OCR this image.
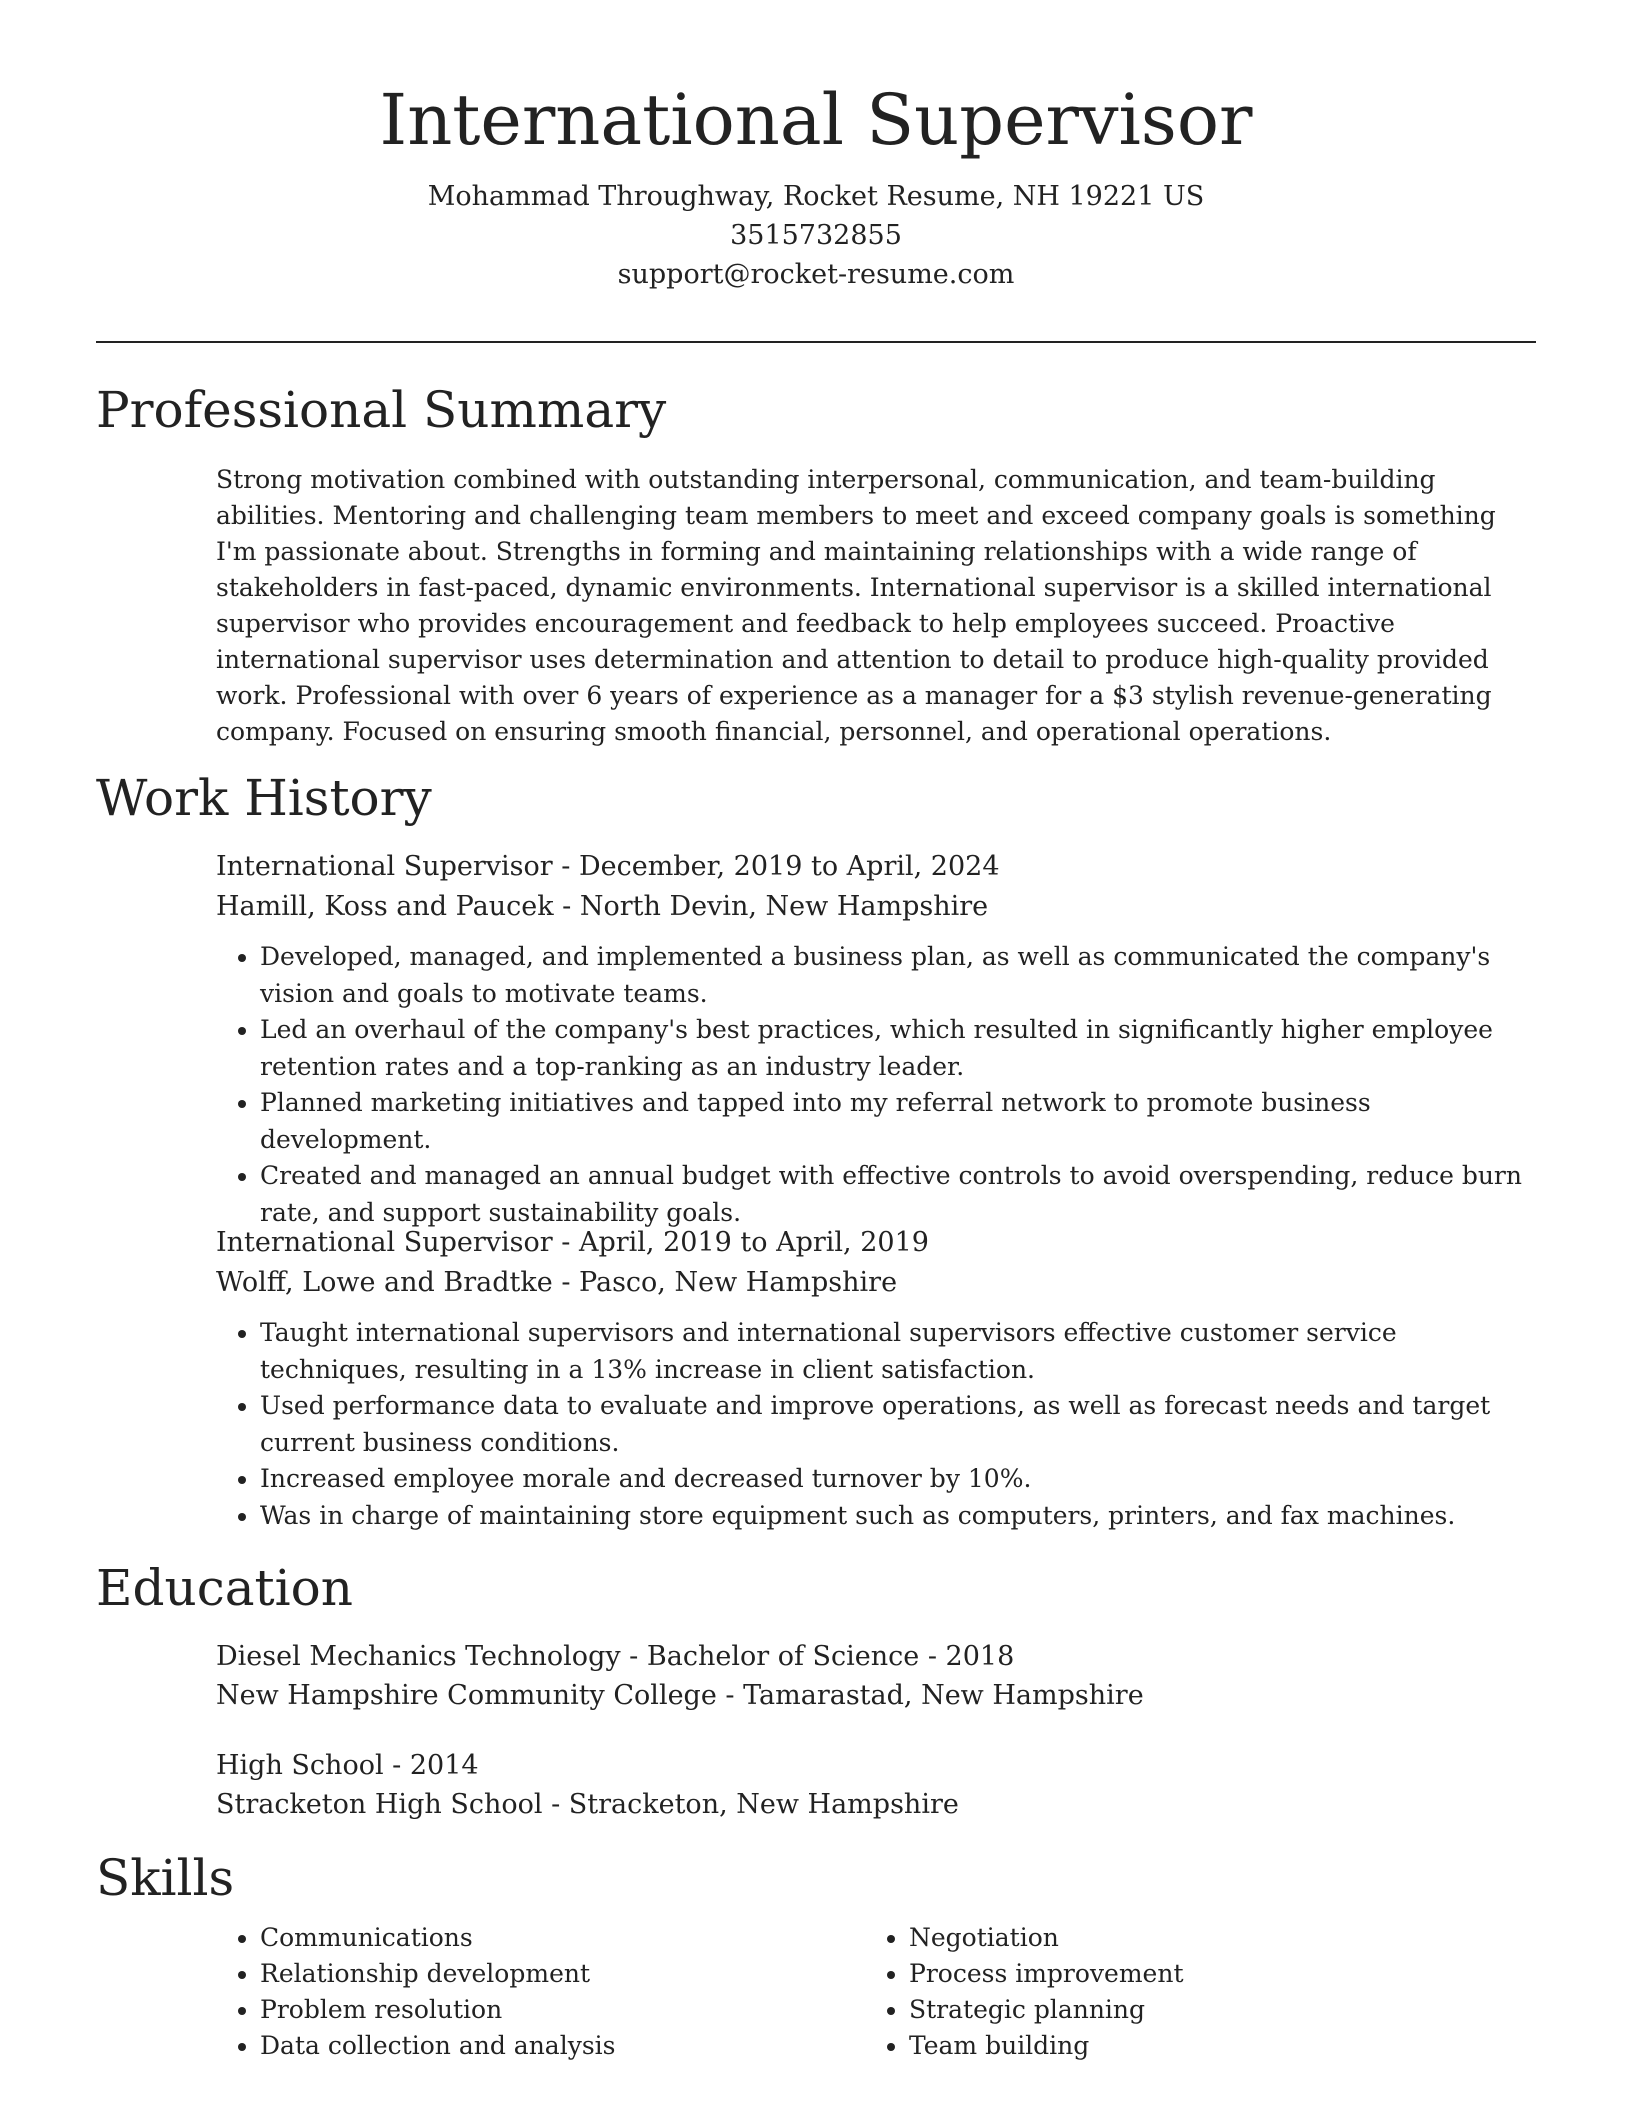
International Supervisor
Mohammad Throughway, Rocket Resume, NH 19221 US
3515732855
support@rocket-resume.com
Professional Summary
Strong motivation combined with outstanding interpersonal, communication, and team-building abilities. Mentoring and challenging team members to meet and exceed company goals is something I'm passionate about. Strengths in forming and maintaining relationships with a wide range of stakeholders in fast-paced, dynamic environments. International supervisor is a skilled international supervisor who provides encouragement and feedback to help employees succeed. Proactive international supervisor uses determination and attention to detail to produce high-quality provided work. Professional with over 6 years of experience as a manager for a $3 stylish revenue-generating company. Focused on ensuring smooth financial, personnel, and operational operations.
Work History
International Supervisor - December, 2019 to April, 2024
Hamill, Koss and Paucek - North Devin, New Hampshire
• Developed, managed, and implemented a business plan, as well as communicated the company's vision and goals to motivate teams.
• Led an overhaul of the company's best practices, which resulted in significantly higher employee retention rates and a top-ranking as an industry leader.
• Planned marketing initiatives and tapped into my referral network to promote business development.
• Created and managed an annual budget with effective controls to avoid overspending, reduce burn rate, and support sustainability goals.
International Supervisor - April, 2019 to April, 2019
Wolff, Lowe and Bradtke - Pasco, New Hampshire
• Taught international supervisors and international supervisors effective customer service techniques, resulting in a 13% increase in client satisfaction.
• Used performance data to evaluate and improve operations, as well as forecast needs and target current business conditions.
• Increased employee morale and decreased turnover by 10%.
• Was in charge of maintaining store equipment such as computers, printers, and fax machines.
Education
Diesel Mechanics Technology - Bachelor of Science - 2018
New Hampshire Community College - Tamarastad, New Hampshire
High School - 2014
Stracketon High School - Stracketon, New Hampshire
Skills
• Communications
• Relationship development
• Problem resolution
• Data collection and analysis
• Negotiation
• Process improvement
• Strategic planning
• Team building
